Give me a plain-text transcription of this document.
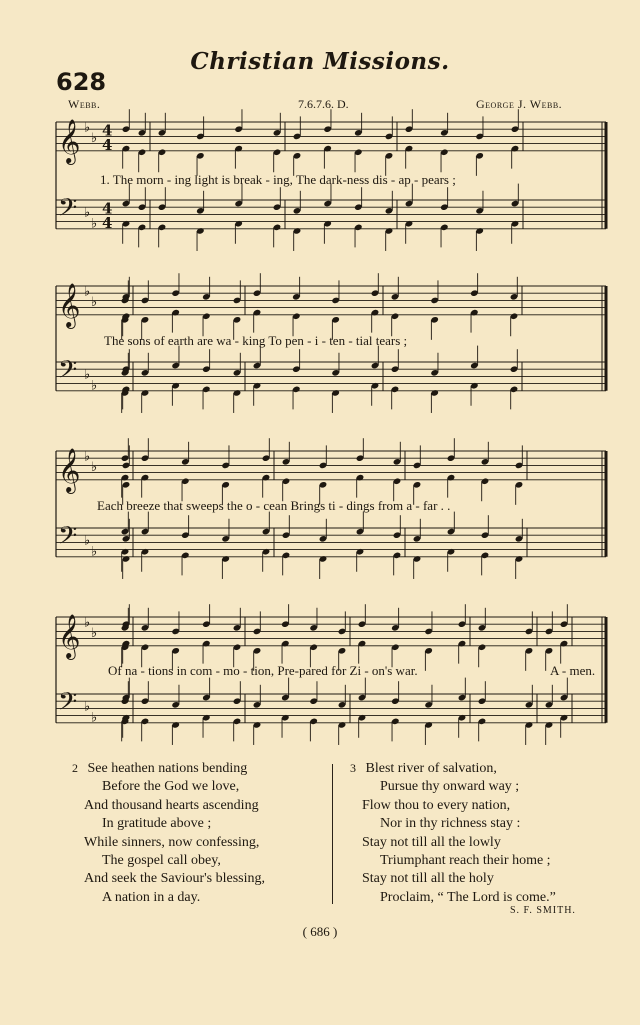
Christian Missions.
628
Webb.	7.6.7.6. D.	George J. Webb.
𝄞 ♭
♭
𝄢 ♭
♭
4
4
4
4
𝄞 ♭
♭
𝄢 ♭
♭
𝄞 ♭
♭
𝄢 ♭
♭
𝄞 ♭
♭
𝄢 ♭
♭
1. The morn - ing light is break - ing, The dark-ness dis - ap - pears ;
The sons of earth are wa - king To pen - i - ten - tial tears ;
Each breeze that sweeps the o - cean Brings ti - dings from a - far . .
Of na - tions in com - mo - tion, Pre-pared for Zi - on's war.	A - men.
2 See heathen nations bending
Before the God we love,
And thousand hearts ascending
In gratitude above ;
While sinners, now confessing,
The gospel call obey,
And seek the Saviour's blessing,
A nation in a day.
3 Blest river of salvation,
Pursue thy onward way ;
Flow thou to every nation,
Nor in thy richness stay :
Stay not till all the lowly
Triumphant reach their home ;
Stay not till all the holy
Proclaim, “ The Lord is come.”
S. F. SMITH.
( 686 )
